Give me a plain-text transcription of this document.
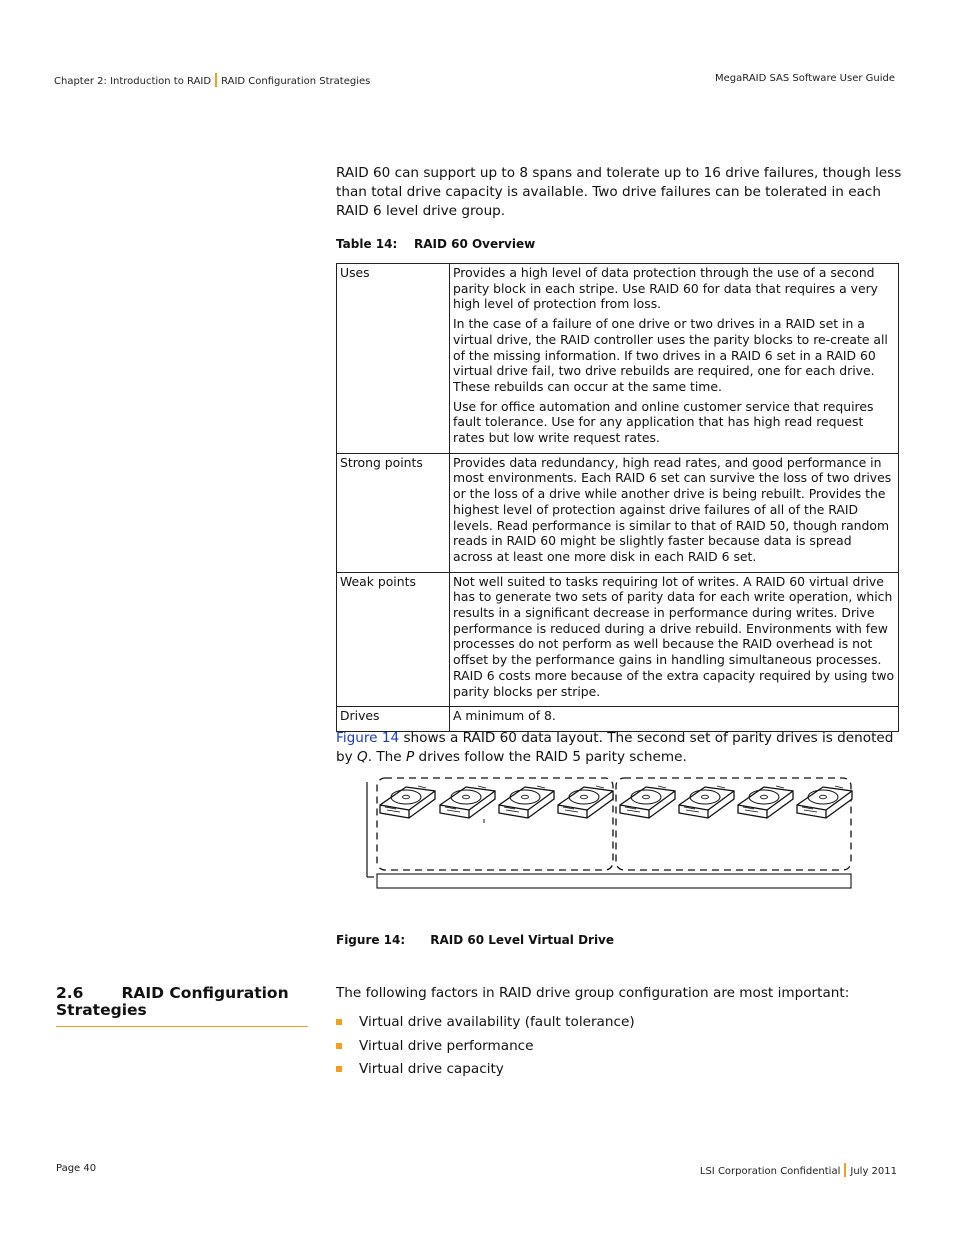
Chapter 2: Introduction to RAID RAID Configuration Strategies	MegaRAID SAS Software User Guide
RAID 60 can support up to 8 spans and tolerate up to 16 drive failures, though less than total drive capacity is available. Two drive failures can be tolerated in each RAID 6 level drive group.
Table 14:    RAID 60 Overview
Uses	Provides a high level of data protection through the use of a second parity block in each stripe. Use RAID 60 for data that requires a very high level of protection from loss.

In the case of a failure of one drive or two drives in a RAID set in a virtual drive, the RAID controller uses the parity blocks to re-create all of the missing information. If two drives in a RAID 6 set in a RAID 60 virtual drive fail, two drive rebuilds are required, one for each drive. These rebuilds can occur at the same time.

Use for office automation and online customer service that requires fault tolerance. Use for any application that has high read request rates but low write request rates.

Strong points	Provides data redundancy, high read rates, and good performance in most environments. Each RAID 6 set can survive the loss of two drives or the loss of a drive while another drive is being rebuilt. Provides the highest level of protection against drive failures of all of the RAID levels. Read performance is similar to that of RAID 50, though random reads in RAID 60 might be slightly faster because data is spread across at least one more disk in each RAID 6 set.

Weak points	Not well suited to tasks requiring lot of writes. A RAID 60 virtual drive has to generate two sets of parity data for each write operation, which results in a significant decrease in performance during writes. Drive performance is reduced during a drive rebuild. Environments with few processes do not perform as well because the RAID overhead is not offset by the performance gains in handling simultaneous processes. RAID 6 costs more because of the extra capacity required by using two parity blocks per stripe.

Drives	A minimum of 8.

Figure 14 shows a RAID 60 data layout. The second set of parity drives is denoted by Q. The P drives follow the RAID 5 parity scheme.
Figure 14:      RAID 60 Level Virtual Drive
2.6 RAID Configuration Strategies
The following factors in RAID drive group configuration are most important:
Virtual drive availability (fault tolerance)
Virtual drive performance
Virtual drive capacity
Page 40	LSI Corporation Confidential July 2011
